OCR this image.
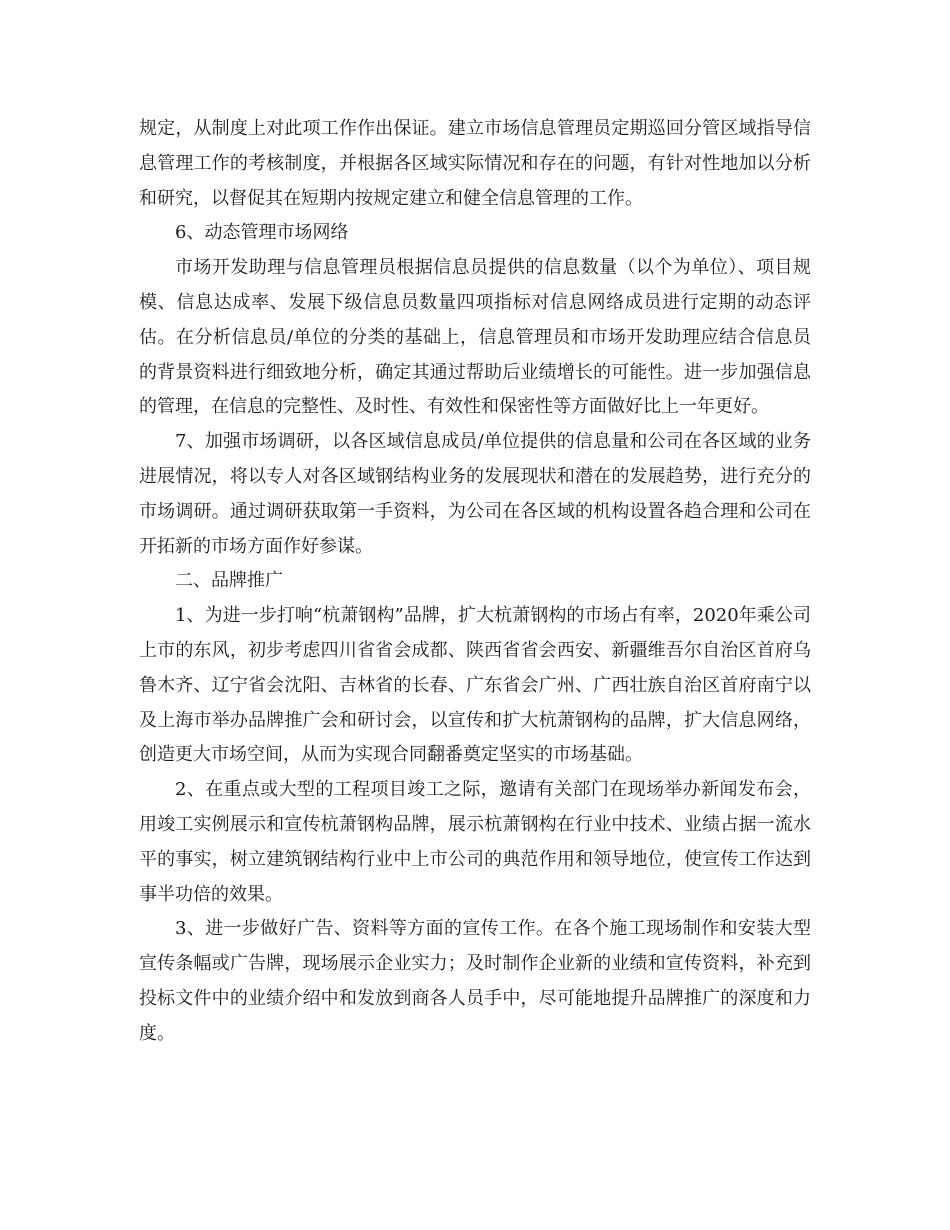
规定，从制度上对此项工作作出保证。建立市场信息管理员定期巡回分管区域指导信息管理工作的考核制度，并根据各区域实际情况和存在的问题，有针对性地加以分析和研究，以督促其在短期内按规定建立和健全信息管理的工作。

6、动态管理市场网络

市场开发助理与信息管理员根据信息员提供的信息数量（以个为单位）、项目规模、信息达成率、发展下级信息员数量四项指标对信息网络成员进行定期的动态评估。在分析信息员/单位的分类的基础上，信息管理员和市场开发助理应结合信息员的背景资料进行细致地分析，确定其通过帮助后业绩增长的可能性。进一步加强信息的管理，在信息的完整性、及时性、有效性和保密性等方面做好比上一年更好。

7、加强市场调研，以各区域信息成员/单位提供的信息量和公司在各区域的业务进展情况，将以专人对各区域钢结构业务的发展现状和潜在的发展趋势，进行充分的市场调研。通过调研获取第一手资料，为公司在各区域的机构设置各趋合理和公司在开拓新的市场方面作好参谋。

二、品牌推广

1、为进一步打响“杭萧钢构”品牌，扩大杭萧钢构的市场占有率，2020年乘公司上市的东风，初步考虑四川省省会成都、陕西省省会西安、新疆维吾尔自治区首府乌鲁木齐、辽宁省会沈阳、吉林省的长春、广东省会广州、广西壮族自治区首府南宁以及上海市举办品牌推广会和研讨会，以宣传和扩大杭萧钢构的品牌，扩大信息网络，创造更大市场空间，从而为实现合同翻番奠定坚实的市场基础。

2、在重点或大型的工程项目竣工之际，邀请有关部门在现场举办新闻发布会，用竣工实例展示和宣传杭萧钢构品牌，展示杭萧钢构在行业中技术、业绩占据一流水平的事实，树立建筑钢结构行业中上市公司的典范作用和领导地位，使宣传工作达到事半功倍的效果。

3、进一步做好广告、资料等方面的宣传工作。在各个施工现场制作和安装大型宣传条幅或广告牌，现场展示企业实力；及时制作企业新的业绩和宣传资料，补充到投标文件中的业绩介绍中和发放到商各人员手中，尽可能地提升品牌推广的深度和力度。
